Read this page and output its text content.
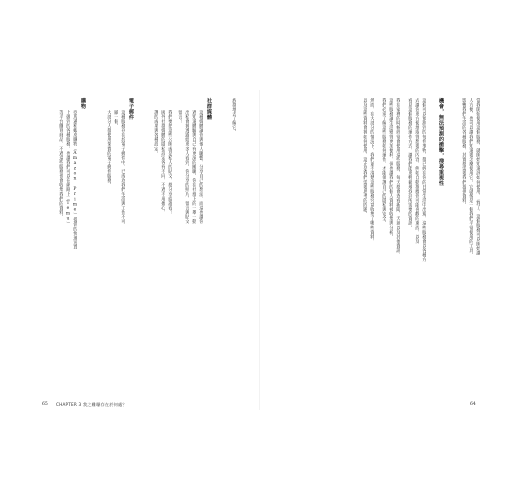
族群地去了解它。
社群媒體
這種媒體讓你與他人聯繫，分享自己的想法，而這也讓你
過知道體驗與自己有更深的關聯。你在社群上的一舉一動
出私會被透露給更多人看到。你分享的照片、留言與貼文
留言？
我們要把這些公開或是私人的貼文，都分享給誰看？
國外社群媒體的隱私設定各有不同，不過不用擔心，
護的成果與各種設定。
電子郵件
這種服務存在於電子郵件中，已成為我們生活與工作不可
歐一個。
大部分人都使用免費的電子郵件服務。
購物
亞馬遜和蝦皮購物（Amazon Prime）提供的快速送貨
上做到的各種服務，也讓我們可以在網路上（Temu）
等平台購買商品，不過這些服務也會收集我們的資料。
65 CHAPTER 3 我之難曝存在於何處？
當我開始使用這個服務，就開始知道該如何使用，「對了，這個服務可以開始讓
人方便，也可以讓我們知道要怎麼使用它。它就像是一個我們平常使用的工具。
影響我們生活的各種服務，其實都需要我們提供資料。
機會，無法預測的衝擊，搜尋重視性
這個可以預測到的每件事物，都已經在你的日常生活中出現，這些服務會以各種方
式讓你更方便地取得想要的內容，例如自動推薦你可能喜歡的東西，以及
看見這個服務的運作方式，讓我們能更輕鬆地找到所需要的資訊。
我在家裡的時候經常會使用這些服務，每天都會查看新聞、天氣以及其他資訊，
這些服務讓生活變得更加便利，但也讓我們的個人資料被收集與分析。
我們必須了解這些服務如何運作，才能保護自己的隱私與安全。
然而，在大部分的情況下，我們並不清楚這些服務究竟收集了哪些資料，
以及這些資料會被如何使用，這正是我們需要思考的問題。
64
